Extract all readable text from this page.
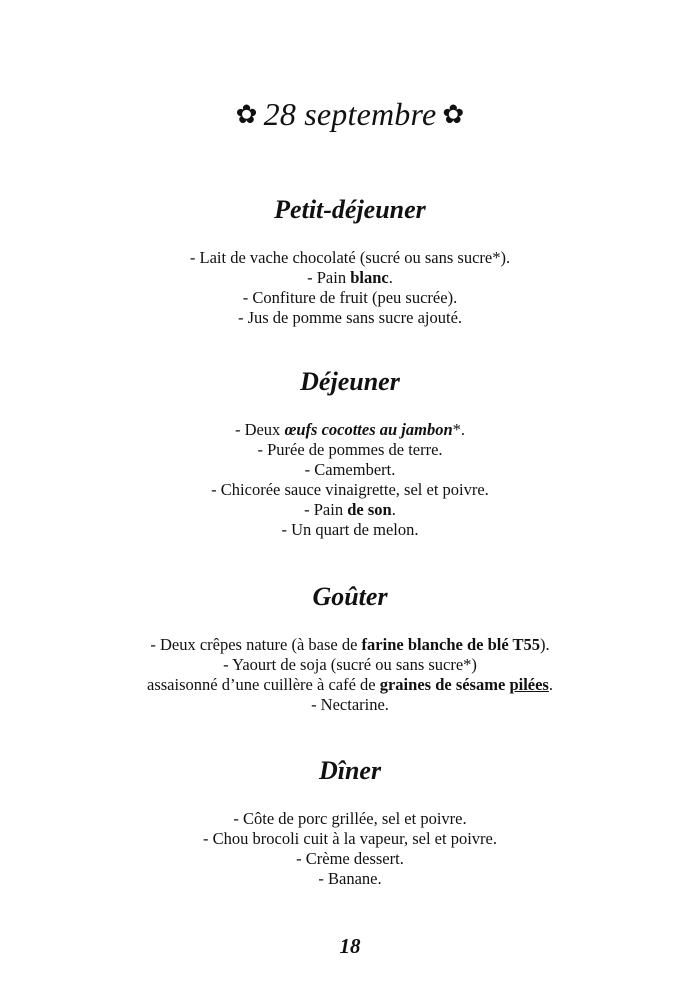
✿ 28 septembre ✿
Petit-déjeuner
- Lait de vache chocolaté (sucré ou sans sucre*).
- Pain blanc.
- Confiture de fruit (peu sucrée).
- Jus de pomme sans sucre ajouté.
Déjeuner
- Deux œufs cocottes au jambon*.
- Purée de pommes de terre.
- Camembert.
- Chicorée sauce vinaigrette, sel et poivre.
- Pain de son.
- Un quart de melon.
Goûter
- Deux crêpes nature (à base de farine blanche de blé T55).
- Yaourt de soja (sucré ou sans sucre*)
assaisonné d’une cuillère à café de graines de sésame pilées.
- Nectarine.
Dîner
- Côte de porc grillée, sel et poivre.
- Chou brocoli cuit à la vapeur, sel et poivre.
- Crème dessert.
- Banane.
18
